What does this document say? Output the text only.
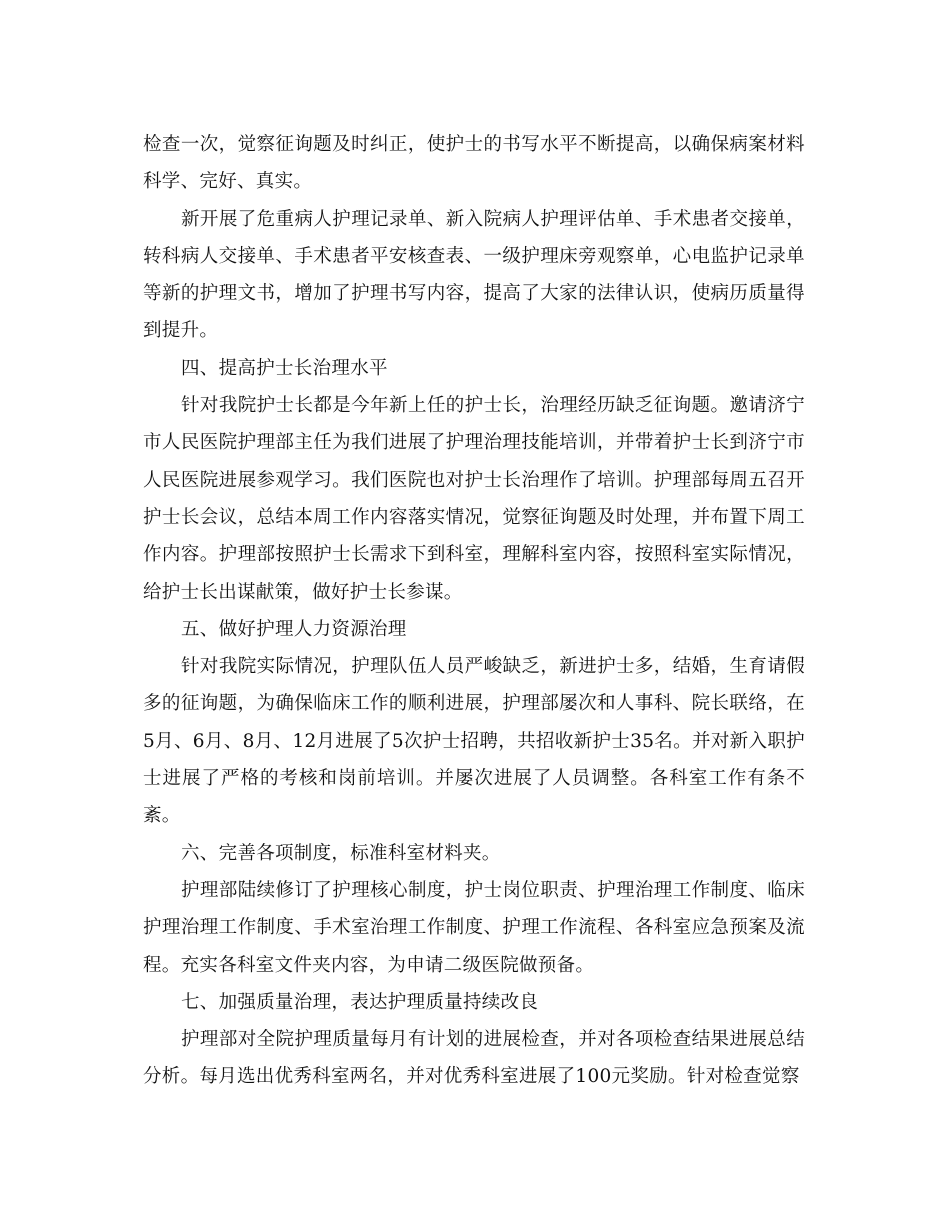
检查一次，觉察征询题及时纠正，使护士的书写水平不断提高，以确保病案材料科学、完好、真实。

新开展了危重病人护理记录单、新入院病人护理评估单、手术患者交接单，转科病人交接单、手术患者平安核查表、一级护理床旁观察单，心电监护记录单等新的护理文书，增加了护理书写内容，提高了大家的法律认识，使病历质量得到提升。

四、提高护士长治理水平

针对我院护士长都是今年新上任的护士长，治理经历缺乏征询题。邀请济宁市人民医院护理部主任为我们进展了护理治理技能培训，并带着护士长到济宁市人民医院进展参观学习。我们医院也对护士长治理作了培训。护理部每周五召开护士长会议，总结本周工作内容落实情况，觉察征询题及时处理，并布置下周工作内容。护理部按照护士长需求下到科室，理解科室内容，按照科室实际情况，给护士长出谋献策，做好护士长参谋。

五、做好护理人力资源治理

针对我院实际情况，护理队伍人员严峻缺乏，新进护士多，结婚，生育请假多的征询题，为确保临床工作的顺利进展，护理部屡次和人事科、院长联络，在5月、6月、8月、12月进展了5次护士招聘，共招收新护士35名。并对新入职护士进展了严格的考核和岗前培训。并屡次进展了人员调整。各科室工作有条不紊。

六、完善各项制度，标准科室材料夹。

护理部陆续修订了护理核心制度，护士岗位职责、护理治理工作制度、临床护理治理工作制度、手术室治理工作制度、护理工作流程、各科室应急预案及流程。充实各科室文件夹内容，为申请二级医院做预备。

七、加强质量治理，表达护理质量持续改良

护理部对全院护理质量每月有计划的进展检查，并对各项检查结果进展总结分析。每月选出优秀科室两名，并对优秀科室进展了100元奖励。针对检查觉察
